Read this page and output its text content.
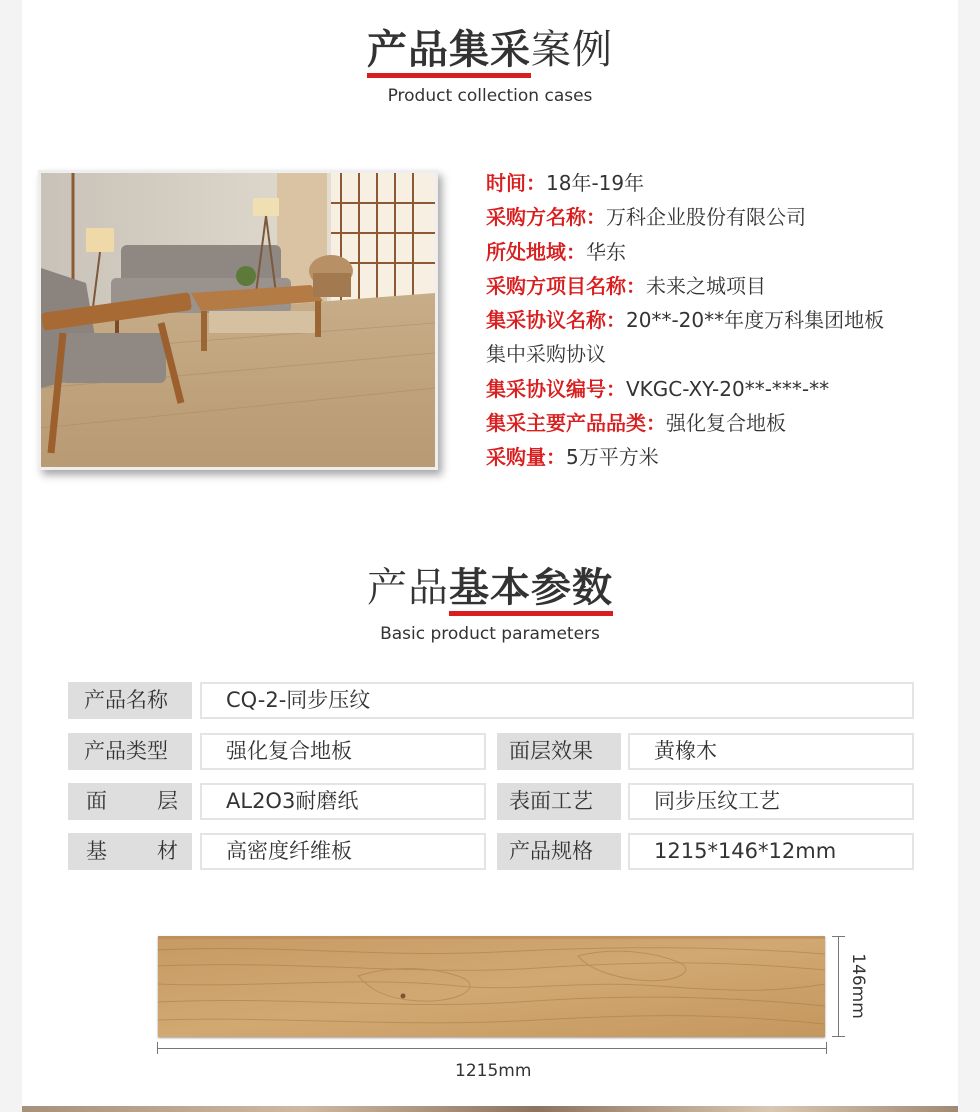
产品集采案例
Product collection cases
时间：18年-19年
采购方名称：万科企业股份有限公司
所处地域：华东
采购方项目名称：未来之城项目
集采协议名称：20**-20**年度万科集团地板
集中采购协议
集采协议编号：VKGC-XY-20**-***-**
集采主要产品品类：强化复合地板
采购量：5万平方米
产品基本参数
Basic product parameters
产品名称	CQ-2-同步压纹
产品类型	强化复合地板	面层效果	黄橡木
面 层	AL2O3耐磨纸	表面工艺	同步压纹工艺
基 材	高密度纤维板	产品规格	1215*146*12mm
1215mm
146mm
